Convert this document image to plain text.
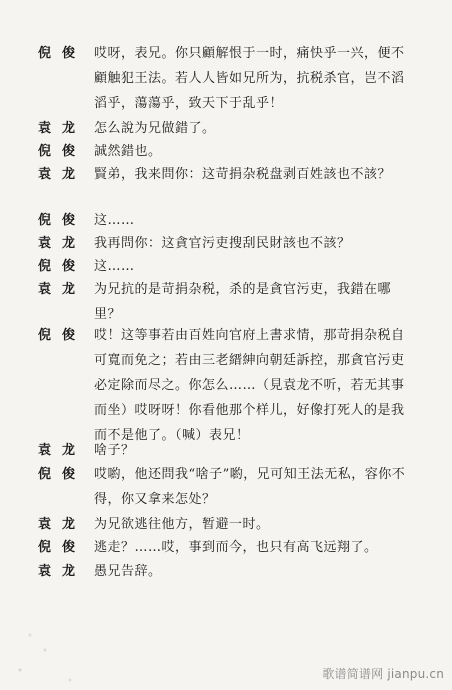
倪俊 哎呀，表兄。你只顧解恨于一时，痛快乎一兴，便不顧触犯王法。若人人皆如兄所为，抗税杀官，岂不滔滔乎，蕩蕩乎，致天下于乱乎！
袁龙 怎么說为兄做錯了。
倪俊 誠然錯也。
袁龙 賢弟，我来問你：这苛捐杂税盘剥百姓該也不該？
倪俊 这……
袁龙 我再問你：这貪官污吏搜刮民財該也不該？
倪俊 这……
袁龙 为兄抗的是苛捐杂税，杀的是貪官污吏，我錯在哪里？
倪俊 哎！这等事若由百姓向官府上書求情，那苛捐杂税自可寬而免之；若由三老縉紳向朝廷訴控，那貪官污吏必定除而尽之。你怎么……（見袁龙不听，若无其事而坐）哎呀呀！你看他那个样儿，好像打死人的是我而不是他了。（喊）表兄！
袁龙 啥子？
倪俊 哎喲，他还問我“啥子”喲，兄可知王法无私，容你不得，你又拿来怎处？
袁龙 为兄欲逃往他方，暂避一时。
倪俊 逃走？……哎，事到而今，也只有高飞远翔了。
袁龙 愚兄告辞。
歌谱简谱网 jianpu.cn
